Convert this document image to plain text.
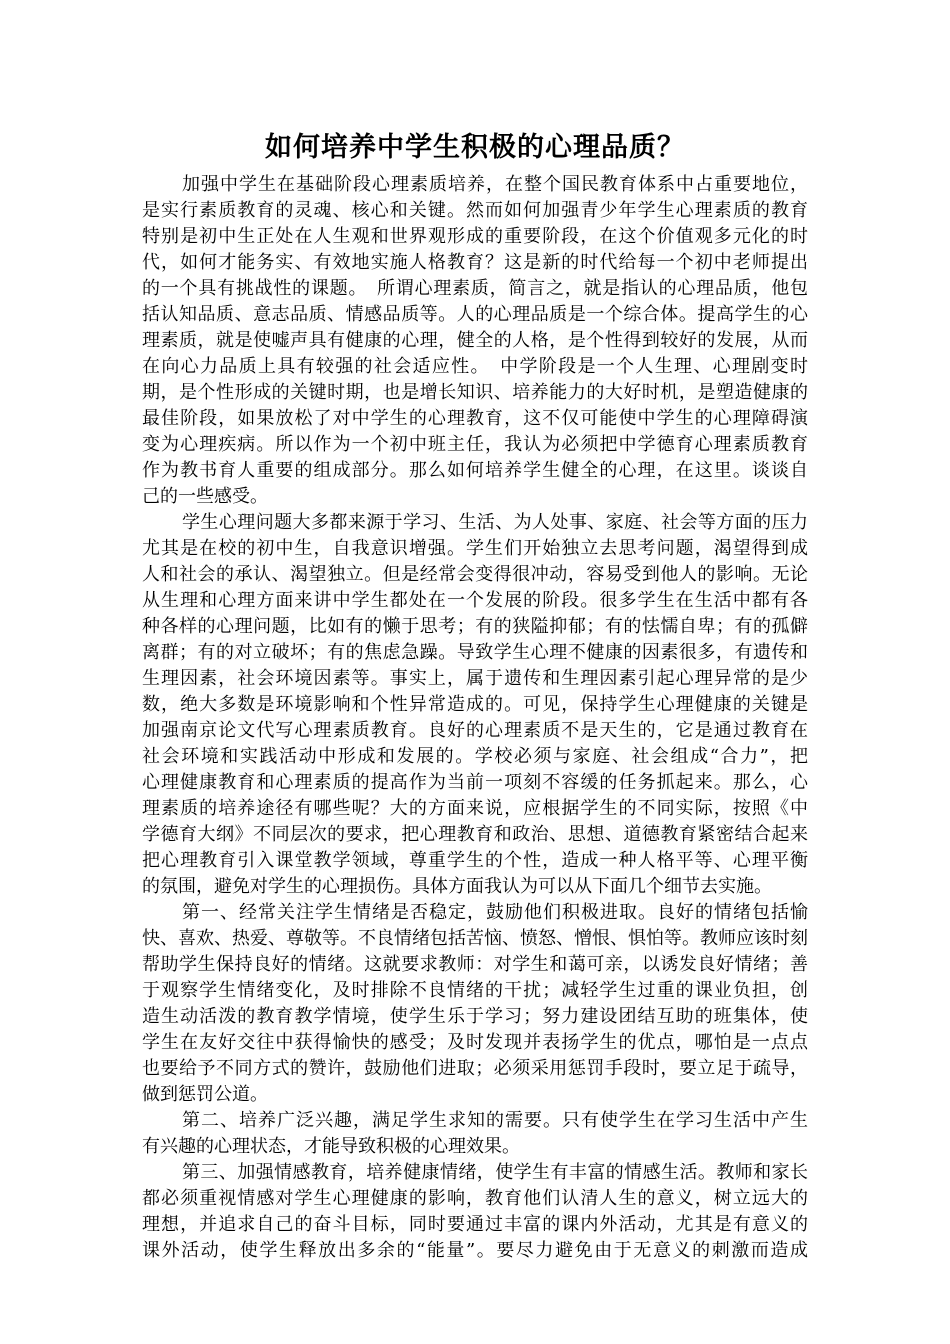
如何培养中学生积极的心理品质？
加强中学生在基础阶段心理素质培养，在整个国民教育体系中占重要地位，
是实行素质教育的灵魂、核心和关键。然而如何加强青少年学生心理素质的教育
特别是初中生正处在人生观和世界观形成的重要阶段，在这个价值观多元化的时
代，如何才能务实、有效地实施人格教育？这是新的时代给每一个初中老师提出
的一个具有挑战性的课题。　所谓心理素质，简言之，就是指认的心理品质，他包
括认知品质、意志品质、情感品质等。人的心理品质是一个综合体。提高学生的心
理素质，就是使嘘声具有健康的心理，健全的人格，是个性得到较好的发展，从而
在向心力品质上具有较强的社会适应性。　中学阶段是一个人生理、心理剧变时
期，是个性形成的关键时期，也是增长知识、培养能力的大好时机，是塑造健康的
最佳阶段，如果放松了对中学生的心理教育，这不仅可能使中学生的心理障碍演
变为心理疾病。所以作为一个初中班主任，我认为必须把中学德育心理素质教育
作为教书育人重要的组成部分。那么如何培养学生健全的心理，在这里。谈谈自
己的一些感受。
学生心理问题大多都来源于学习、生活、为人处事、家庭、社会等方面的压力
尤其是在校的初中生，自我意识增强。学生们开始独立去思考问题，渴望得到成
人和社会的承认、渴望独立。但是经常会变得很冲动，容易受到他人的影响。无论
从生理和心理方面来讲中学生都处在一个发展的阶段。很多学生在生活中都有各
种各样的心理问题，比如有的懒于思考；有的狭隘抑郁；有的怯懦自卑；有的孤僻
离群；有的对立破坏；有的焦虑急躁。导致学生心理不健康的因素很多，有遗传和
生理因素，社会环境因素等。事实上，属于遗传和生理因素引起心理异常的是少
数，绝大多数是环境影响和个性异常造成的。可见，保持学生心理健康的关键是
加强南京论文代写心理素质教育。良好的心理素质不是天生的，它是通过教育在
社会环境和实践活动中形成和发展的。学校必须与家庭、社会组成“合力”，把
心理健康教育和心理素质的提高作为当前一项刻不容缓的任务抓起来。那么，心
理素质的培养途径有哪些呢？大的方面来说，应根据学生的不同实际，按照《中
学德育大纲》不同层次的要求，把心理教育和政治、思想、道德教育紧密结合起来
把心理教育引入课堂教学领域，尊重学生的个性，造成一种人格平等、心理平衡
的氛围，避免对学生的心理损伤。具体方面我认为可以从下面几个细节去实施。
第一、经常关注学生情绪是否稳定，鼓励他们积极进取。良好的情绪包括愉
快、喜欢、热爱、尊敬等。不良情绪包括苦恼、愤怒、憎恨、惧怕等。教师应该时刻
帮助学生保持良好的情绪。这就要求教师：对学生和蔼可亲，以诱发良好情绪；善
于观察学生情绪变化，及时排除不良情绪的干扰；减轻学生过重的课业负担，创
造生动活泼的教育教学情境，使学生乐于学习；努力建设团结互助的班集体，使
学生在友好交往中获得愉快的感受；及时发现并表扬学生的优点，哪怕是一点点
也要给予不同方式的赞许，鼓励他们进取；必须采用惩罚手段时，要立足于疏导，
做到惩罚公道。
第二、培养广泛兴趣，满足学生求知的需要。只有使学生在学习生活中产生
有兴趣的心理状态，才能导致积极的心理效果。
第三、加强情感教育，培养健康情绪，使学生有丰富的情感生活。教师和家长
都必须重视情感对学生心理健康的影响，教育他们认清人生的意义，树立远大的
理想，并追求自己的奋斗目标，同时要通过丰富的课内外活动，尤其是有意义的
课外活动，使学生释放出多余的“能量”。要尽力避免由于无意义的刺激而造成
